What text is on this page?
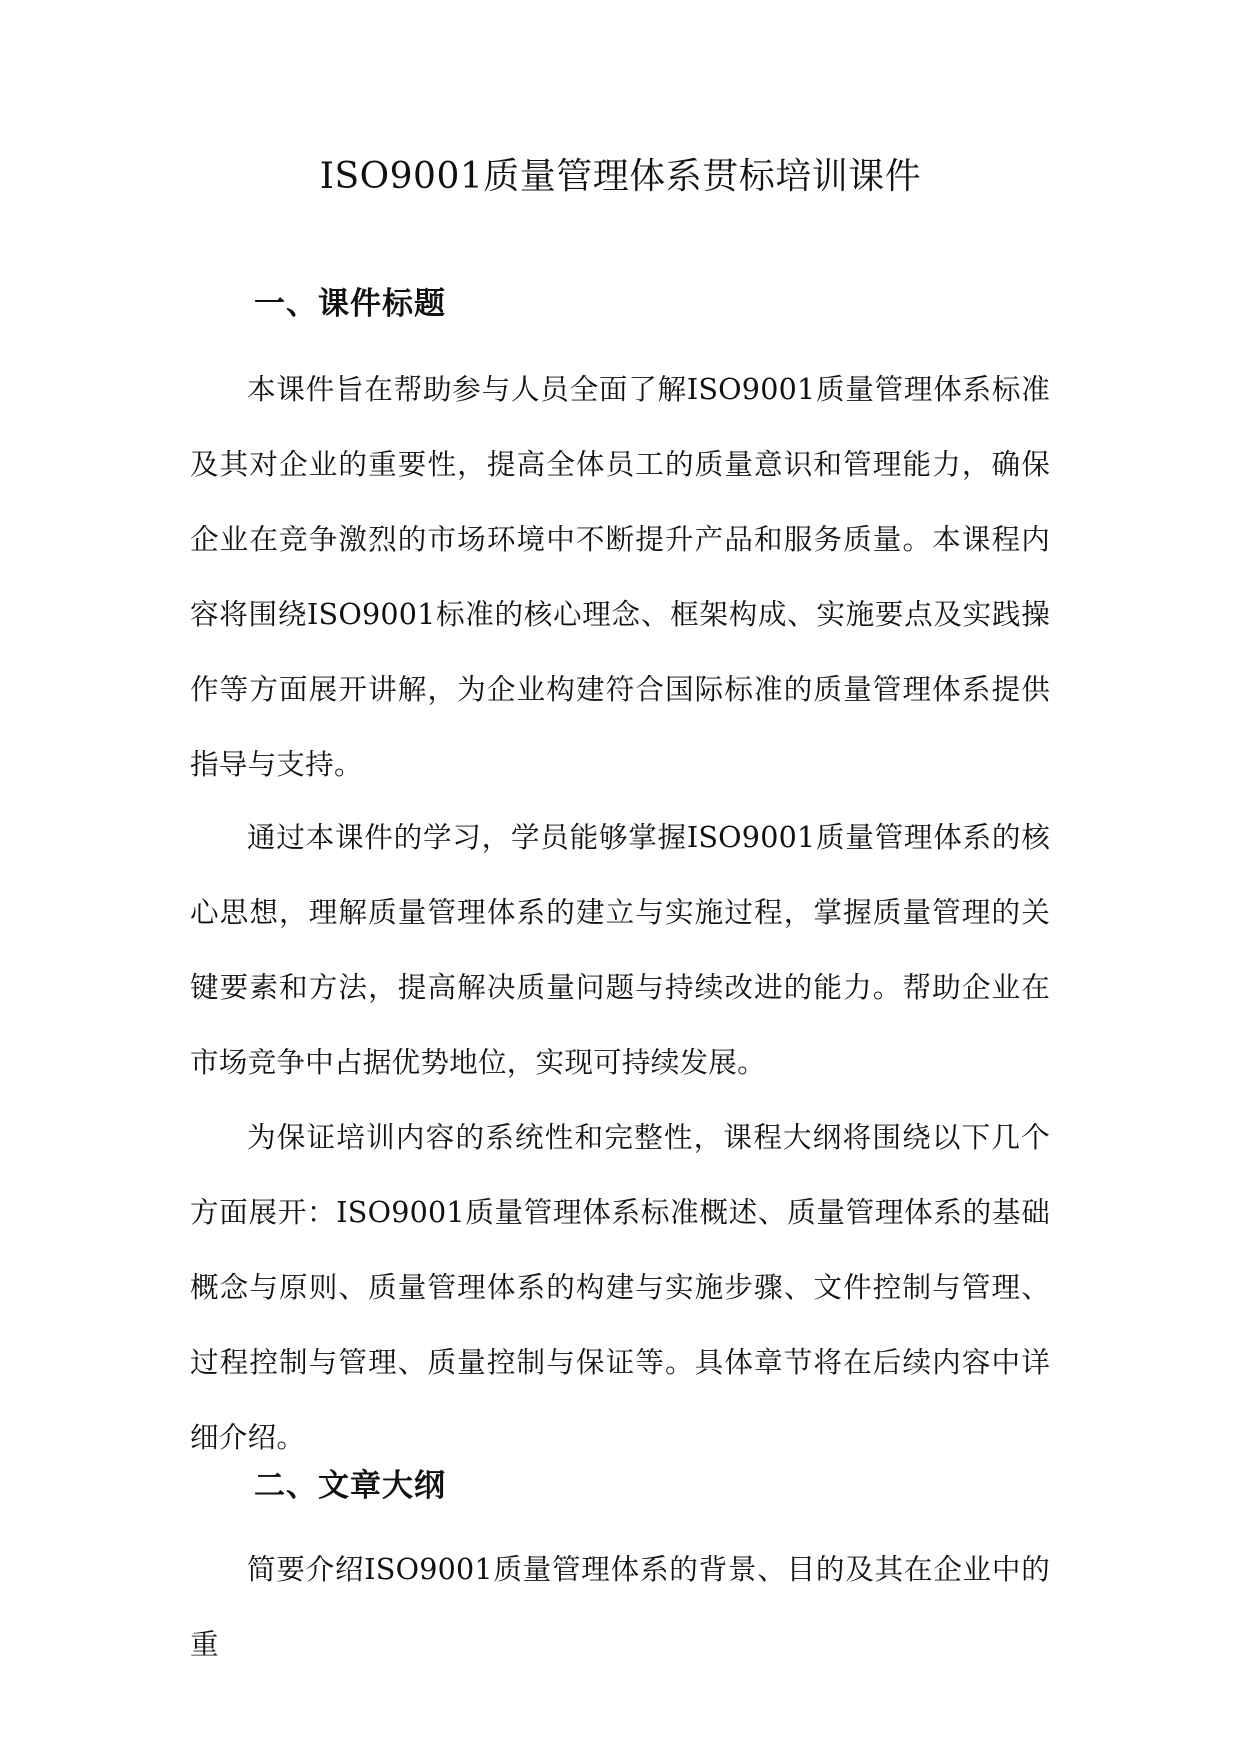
ISO9001质量管理体系贯标培训课件
一、课件标题

本课件旨在帮助参与人员全面了解ISO9001质量管理体系标准及其对企业的重要性，提高全体员工的质量意识和管理能力，确保企业在竞争激烈的市场环境中不断提升产品和服务质量。本课程内容将围绕ISO9001标准的核心理念、框架构成、实施要点及实践操作等方面展开讲解，为企业构建符合国际标准的质量管理体系提供指导与支持。

通过本课件的学习，学员能够掌握ISO9001质量管理体系的核心思想，理解质量管理体系的建立与实施过程，掌握质量管理的关键要素和方法，提高解决质量问题与持续改进的能力。帮助企业在市场竞争中占据优势地位，实现可持续发展。

为保证培训内容的系统性和完整性，课程大纲将围绕以下几个方面展开：ISO9001质量管理体系标准概述、质量管理体系的基础概念与原则、质量管理体系的构建与实施步骤、文件控制与管理、过程控制与管理、质量控制与保证等。具体章节将在后续内容中详细介绍。

二、文章大纲

简要介绍ISO9001质量管理体系的背景、目的及其在企业中的重
